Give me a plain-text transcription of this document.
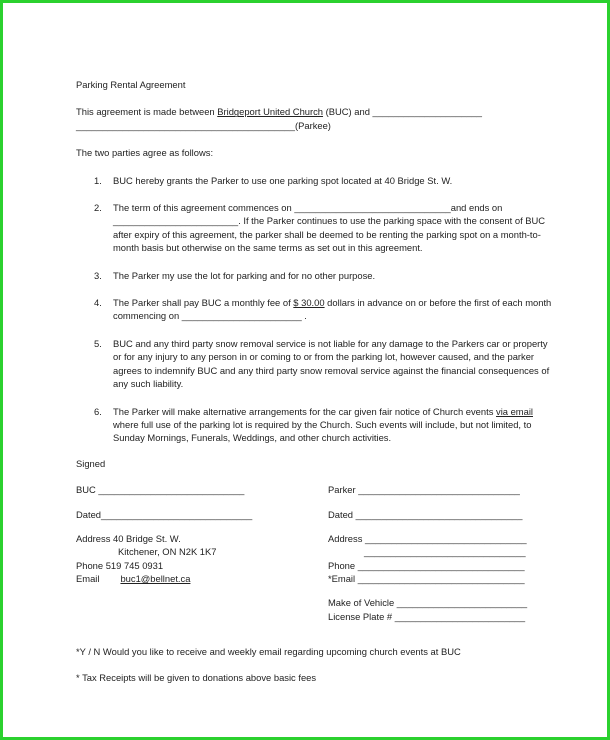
Parking Rental Agreement
This agreement is made between Bridgeport United Church (BUC) and _____________________
__________________________________________(Parkee)
The two parties agree as follows:
1. BUC hereby grants the Parker to use one parking spot located at 40 Bridge St. W.
2. The term of this agreement commences on ______________________________and ends on ________________________. If the Parker continues to use the parking space with the consent of BUC after expiry of this agreement, the parker shall be deemed to be renting the parking spot on a month-to-month basis but otherwise on the same terms as set out in this agreement.
3. The Parker my use the lot for parking and for no other purpose.
4. The Parker shall pay BUC a monthly fee of $ 30.00 dollars in advance on or before the first of each month commencing on _______________________ .
5. BUC and any third party snow removal service is not liable for any damage to the Parkers car or property or for any injury to any person in or coming to or from the parking lot, however caused, and the parker agrees to indemnify BUC and any third party snow removal service against the financial consequences of any such liability.
6. The Parker will make alternative arrangements for the car given fair notice of Church events via email where full use of the parking lot is required by the Church. Such events will include, but not limited, to Sunday Mornings, Funerals, Weddings, and other church activities.
Signed
BUC ____________________________
Dated_____________________________
Address 40 Bridge St. W.
Kitchener, ON N2K 1K7
Phone 519 745 0931
Email buc1@bellnet.ca
Parker _______________________________
Dated ________________________________
Address _______________________________
_______________________________
Phone ________________________________
*Email ________________________________
Make of Vehicle _________________________
License Plate # _________________________
*Y / N Would you like to receive and weekly email regarding upcoming church events at BUC
* Tax Receipts will be given to donations above basic fees
